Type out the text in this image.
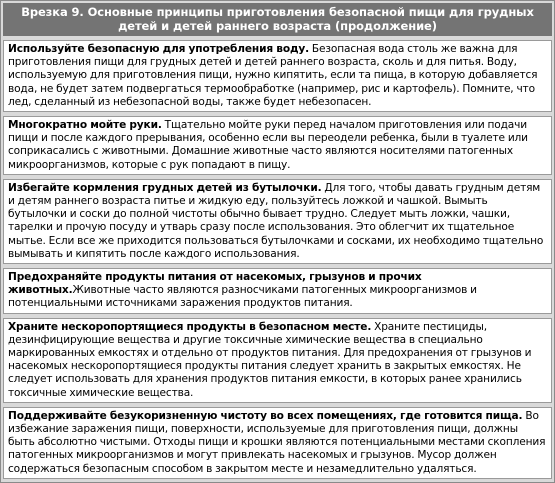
Врезка 9. Основные принципы приготовления безопасной пищи для грудных детей и детей раннего возраста (продолжение)
Используйте безопасную для употребления воду. Безопасная вода столь же важна для приготовления пищи для грудных детей и детей раннего возраста, сколь и для питья. Воду, используемую для приготовления пищи, нужно кипятить, если та пища, в которую добавляется вода, не будет затем подвергаться термообработке (например, рис и картофель). Помните, что лед, сделанный из небезопасной воды, также будет небезопасен.
Многократно мойте руки. Тщательно мойте руки перед началом приготовления или подачи пищи и после каждого прерывания, особенно если вы переодели ребенка, были в туалете или соприкасались с животными. Домашние животные часто являются носителями патогенных микроорганизмов, которые с рук попадают в пищу.
Избегайте кормления грудных детей из бутылочки. Для того, чтобы давать грудным детям и детям раннего возраста питье и жидкую еду, пользуйтесь ложкой и чашкой. Вымыть бутылочки и соски до полной чистоты обычно бывает трудно. Следует мыть ложки, чашки, тарелки и прочую посуду и утварь сразу после использования. Это облегчит их тщательное мытье. Если все же приходится пользоваться бутылочками и сосками, их необходимо тщательно вымывать и кипятить после каждого использования.
Предохраняйте продукты питания от насекомых, грызунов и прочих животных.Животные часто являются разносчиками патогенных микроорганизмов и потенциальными источниками заражения продуктов питания.
Храните нескоропортящиеся продукты в безопасном месте. Храните пестициды, дезинфицирующие вещества и другие токсичные химические вещества в специально маркированных емкостях и отдельно от продуктов питания. Для предохранения от грызунов и насекомых нескоропортящиеся продукты питания следует хранить в закрытых емкостях. Не следует использовать для хранения продуктов питания емкости, в которых ранее хранились токсичные химические вещества.
Поддерживайте безукоризненную чистоту во всех помещениях, где готовится пища. Во избежание заражения пищи, поверхности, используемые для приготовления пищи, должны быть абсолютно чистыми. Отходы пищи и крошки являются потенциальными местами скопления патогенных микроорганизмов и могут привлекать насекомых и грызунов. Мусор должен содержаться безопасным способом в закрытом месте и незамедлительно удаляться.
